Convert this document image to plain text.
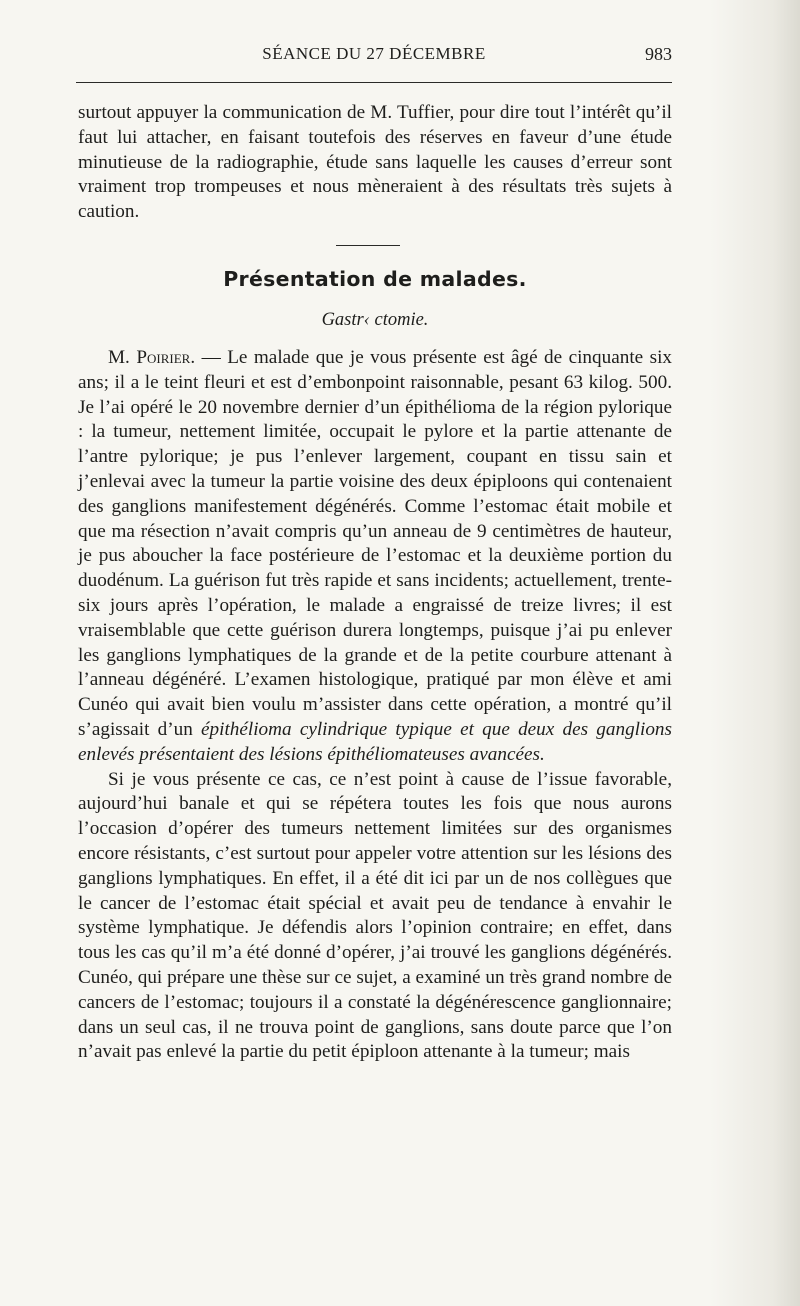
SÉANCE DU 27 DÉCEMBRE	983

surtout appuyer la communication de M. Tuffier, pour dire tout l’intérêt qu’il faut lui attacher, en faisant toutefois des réserves en faveur d’une étude minutieuse de la radiographie, étude sans laquelle les causes d’erreur sont vraiment trop trompeuses et nous mèneraient à des résultats très sujets à caution.

Présentation de malades.
Gastr‹ ctomie.

M. Poirier. — Le malade que je vous présente est âgé de cinquante six ans; il a le teint fleuri et est d’embonpoint raisonnable, pesant 63 kilog. 500. Je l’ai opéré le 20 novembre dernier d’un épithélioma de la région pylorique : la tumeur, nettement limitée, occupait le pylore et la partie attenante de l’antre pylorique; je pus l’enlever largement, coupant en tissu sain et j’enlevai avec la tumeur la partie voisine des deux épiploons qui contenaient des ganglions manifestement dégénérés. Comme l’estomac était mobile et que ma résection n’avait compris qu’un anneau de 9 centimètres de hauteur, je pus aboucher la face postérieure de l’estomac et la deuxième portion du duodénum. La guérison fut très rapide et sans incidents; actuellement, trente-six jours après l’opération, le malade a engraissé de treize livres; il est vraisemblable que cette guérison durera longtemps, puisque j’ai pu enlever les ganglions lymphatiques de la grande et de la petite courbure attenant à l’anneau dégénéré. L’examen histologique, pratiqué par mon élève et ami Cunéo qui avait bien voulu m’assister dans cette opération, a montré qu’il s’agissait d’un épithélioma cylindrique typique et que deux des ganglions enlevés présentaient des lésions épithéliomateuses avancées.

Si je vous présente ce cas, ce n’est point à cause de l’issue favorable, aujourd’hui banale et qui se répétera toutes les fois que nous aurons l’occasion d’opérer des tumeurs nettement limitées sur des organismes encore résistants, c’est surtout pour appeler votre attention sur les lésions des ganglions lymphatiques. En effet, il a été dit ici par un de nos collègues que le cancer de l’estomac était spécial et avait peu de tendance à envahir le système lymphatique. Je défendis alors l’opinion contraire; en effet, dans tous les cas qu’il m’a été donné d’opérer, j’ai trouvé les ganglions dégénérés. Cunéo, qui prépare une thèse sur ce sujet, a examiné un très grand nombre de cancers de l’estomac; toujours il a constaté la dégénérescence ganglionnaire; dans un seul cas, il ne trouva point de ganglions, sans doute parce que l’on n’avait pas enlevé la partie du petit épiploon attenante à la tumeur; mais
